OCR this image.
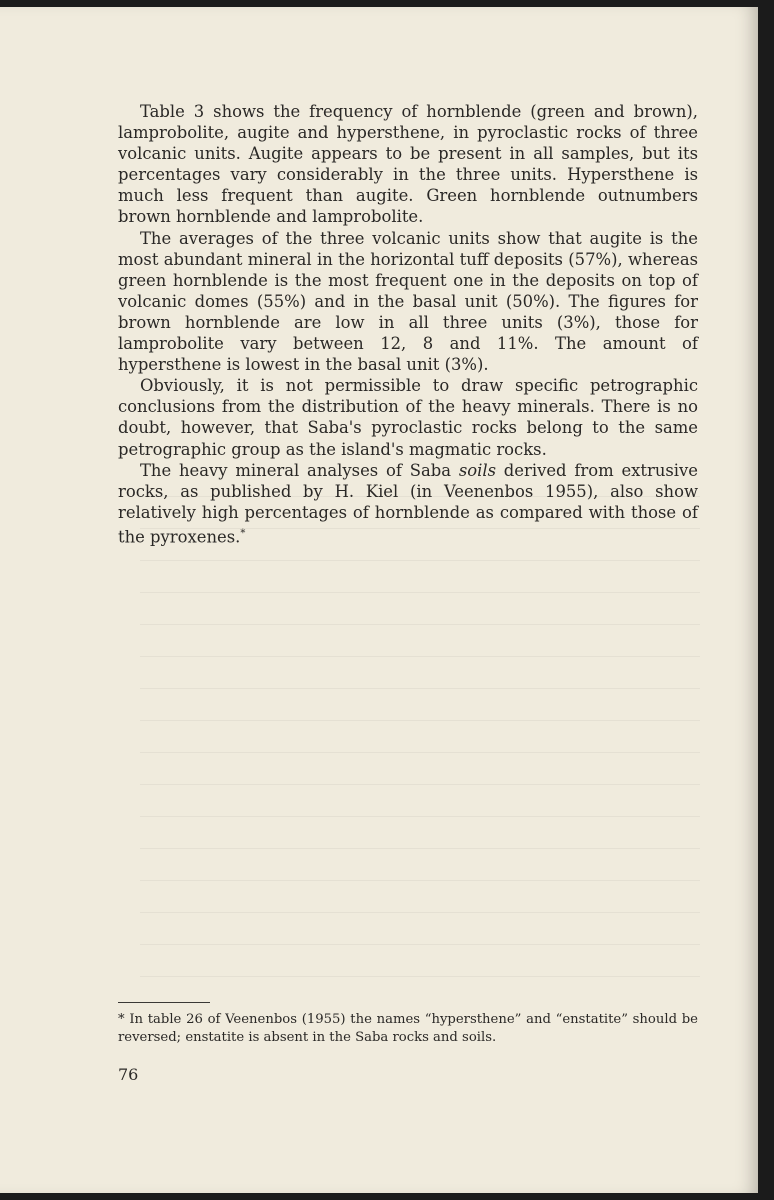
Table 3 shows the frequency of hornblende (green and brown), lamprobolite, augite and hypersthene, in pyroclastic rocks of three volcanic units. Augite appears to be present in all samples, but its percentages vary considerably in the three units. Hypersthene is much less frequent than augite. Green hornblende outnumbers brown hornblende and lamprobolite.

The averages of the three volcanic units show that augite is the most abundant mineral in the horizontal tuff deposits (57%), whereas green hornblende is the most frequent one in the deposits on top of volcanic domes (55%) and in the basal unit (50%). The figures for brown hornblende are low in all three units (3%), those for lamprobolite vary between 12, 8 and 11%. The amount of hypersthene is lowest in the basal unit (3%).

Obviously, it is not permissible to draw specific petrographic conclusions from the distribution of the heavy minerals. There is no doubt, however, that Saba's pyroclastic rocks belong to the same petrographic group as the island's magmatic rocks.

The heavy mineral analyses of Saba soils derived from extrusive rocks, as published by H. Kiel (in Veenenbos 1955), also show relatively high percentages of hornblende as compared with those of the pyroxenes.*

* In table 26 of Veenenbos (1955) the names “hypersthene” and “enstatite” should be reversed; enstatite is absent in the Saba rocks and soils.
76
